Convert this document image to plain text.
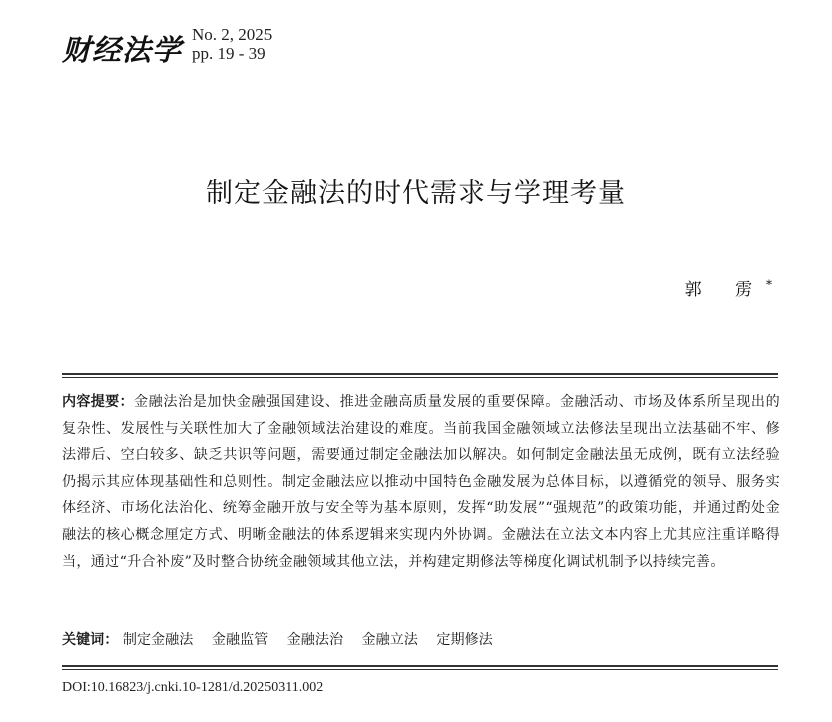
财经法学 No. 2, 2025
pp. 19 - 39
制定金融法的时代需求与学理考量
郭 雳*
内容提要：金融法治是加快金融强国建设、推进金融高质量发展的重要保障。金融活动、市场及体系所呈现出的复杂性、发展性与关联性加大了金融领域法治建设的难度。当前我国金融领域立法修法呈现出立法基础不牢、修法滞后、空白较多、缺乏共识等问题，需要通过制定金融法加以解决。如何制定金融法虽无成例，既有立法经验仍揭示其应体现基础性和总则性。制定金融法应以推动中国特色金融发展为总体目标，以遵循党的领导、服务实体经济、市场化法治化、统筹金融开放与安全等为基本原则，发挥“助发展”“强规范”的政策功能，并通过酌处金融法的核心概念厘定方式、明晰金融法的体系逻辑来实现内外协调。金融法在立法文本内容上尤其应注重详略得当，通过“升合补废”及时整合协统金融领域其他立法，并构建定期修法等梯度化调试机制予以持续完善。
关键词： 制定金融法 金融监管 金融法治 金融立法 定期修法
DOI:10.16823/j.cnki.10-1281/d.20250311.002
